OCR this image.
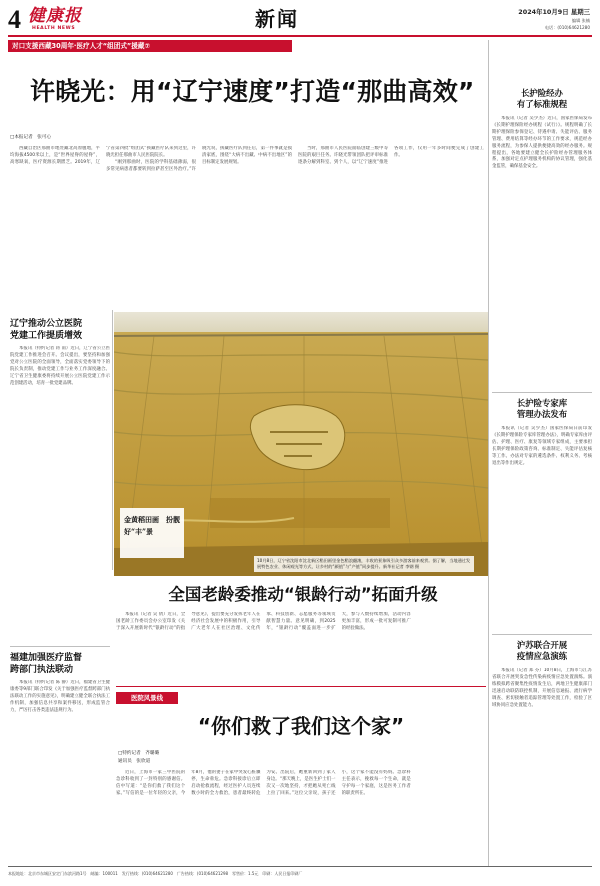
4 健康报
HEALTH NEWS	新闻	2024年10月9日 星期三
编辑 张楠
电话：(010)64621280
对口支援西藏30周年·医疗人才“组团式”援藏⑦
许晓光：用“辽宁速度”打造“那曲高效”
□本报记者　张可心

西藏自治区那曲市地处藏北高原腹地，平均海拔4500米以上，是“世界屋脊的屋脊”，高寒缺氧，医疗资源长期匮乏。2019年，辽宁省第四批“组团式”援藏医疗队来到这里，许晓光担任那曲市人民医院院长。

“刚到那曲时，医院的学科基础薄弱，很多常见病患者都要转到拉萨甚至区外治疗。”许晓光说，援藏医疗队到任后，第一件事就是摸清家底，围绕“大病不出藏、中病不出地区”的目标制定发展规划。

当时，那曲市人民医院面临创建三级甲等医院的艰巨任务。许晓光带领团队把评审标准逐条分解到科室、到个人，以“辽宁速度”推进各项工作，仅用一年多时间便完成了创建工作。

辽宁推动公立医院
党建工作提质增效
本报讯（特约记者 蒋 南）近日，辽宁省公立医院党建工作推进会召开。会议提出，要坚持和加强党对公立医院的全面领导，全面落实党委领导下的院长负责制，推动党建工作与业务工作深度融合。辽宁省卫生健康委将持续开展公立医院党建工作示范创建活动，培育一批党建品牌。
福建加强医疗监督
跨部门执法联动
本报讯（特约记者 陈 静）近日，福建省卫生健康委等9部门联合印发《关于加强医疗监督跨部门执法联动工作的实施意见》，明确建立健全联合执法工作机制，加强信息共享和案件移送，形成监管合力，严厉打击各类违法违规行为。
金黄稻田画　扮靓好“丰”景
10月8日，辽宁省沈阳市沈北新区稻田画里金色稻浪翻滚，丰收的景象吸引众多游客前来观赏。据了解，当地通过发展特色农业、休闲观光等方式，让乡村的“颜值”与“产值”同步提升。新华社记者 李钢 摄
全国老龄委推动“银龄行动”拓面升级
本报讯（记者 吴 倩）近日，全国老龄工作委员会办公室印发《关于深入开展新时代“银龄行动”的指导意见》，提出要充分发挥老年人在经济社会发展中的积极作用，引导广大老年人在社区治理、文化传承、科技创新、志愿服务等领域贡献智慧力量。意见明确，到2025年，“银龄行动”覆盖面进一步扩大，参与人数持续增加，活动内容更加丰富，形成一批可复制可推广的经验做法。
医院风景线
“你们救了我们这个家”
□特约记者　齐璐璐
通讯员　张欣道
近日，上海市一家三甲医院的急诊科收到了一封特别的感谢信。信中写道：“是你们救了我们这个家。”写信的是一位年轻的父亲，今年8月，他的妻子在家中突发心脏骤停，生命垂危。急诊科接诊后立即启动抢救流程，经过医护人员连续数小时的全力救治，患者最终转危为安。出院后，她重新回到了家人身边。“那天晚上，是医生护士们一次又一次地坚持，才把她从死亡线上拉了回来。”这位父亲说，孩子还小，这个家不能没有妈妈。急诊科主任表示，挽救每一个生命，就是守护每一个家庭，这是医务工作者的职责所在。
长护险经办
有了标准规程
本报讯（记者 吴少杰）近日，国家医保局发布《长期护理保险经办规程（试行）》。规程明确了长期护理保险参保登记、待遇申请、失能评估、服务管理、费用结算等经办环节的工作要求，规范经办服务流程，为参保人提供便捷高效的经办服务。规程提出，各地要建立健全长护险经办管理服务体系，加强对定点护理服务机构的协议管理，强化基金监管，确保基金安全。
长护险专家库
管理办法发布
本报讯（记者 吴少杰）国家医保局日前印发《长期护理保险专家库管理办法》，明确专家库由评估、护理、医疗、康复等领域专家组成，主要承担长期护理保险政策咨询、标准制定、失能评估复核等工作。办法对专家的遴选条件、权利义务、考核退出等作出规定。
沪苏联合开展
疫情应急演练
本报讯（记者 郑 芬）10月8日，上海市与江苏省联合开展突发急性传染病疫情应急处置演练。演练模拟跨省聚集性疫情发生后，两地卫生健康部门迅速启动联防联控机制，开展信息通报、流行病学调查、密切接触者追踪管理等处置工作，检验了区域协同应急处置能力。
本报地址：北京市东城区安定门东滨河路1号　邮编：100011　发行热线：(010)64621280　广告热线：(010)64621298　零售价：1.5元　印刷：人民日报印刷厂
